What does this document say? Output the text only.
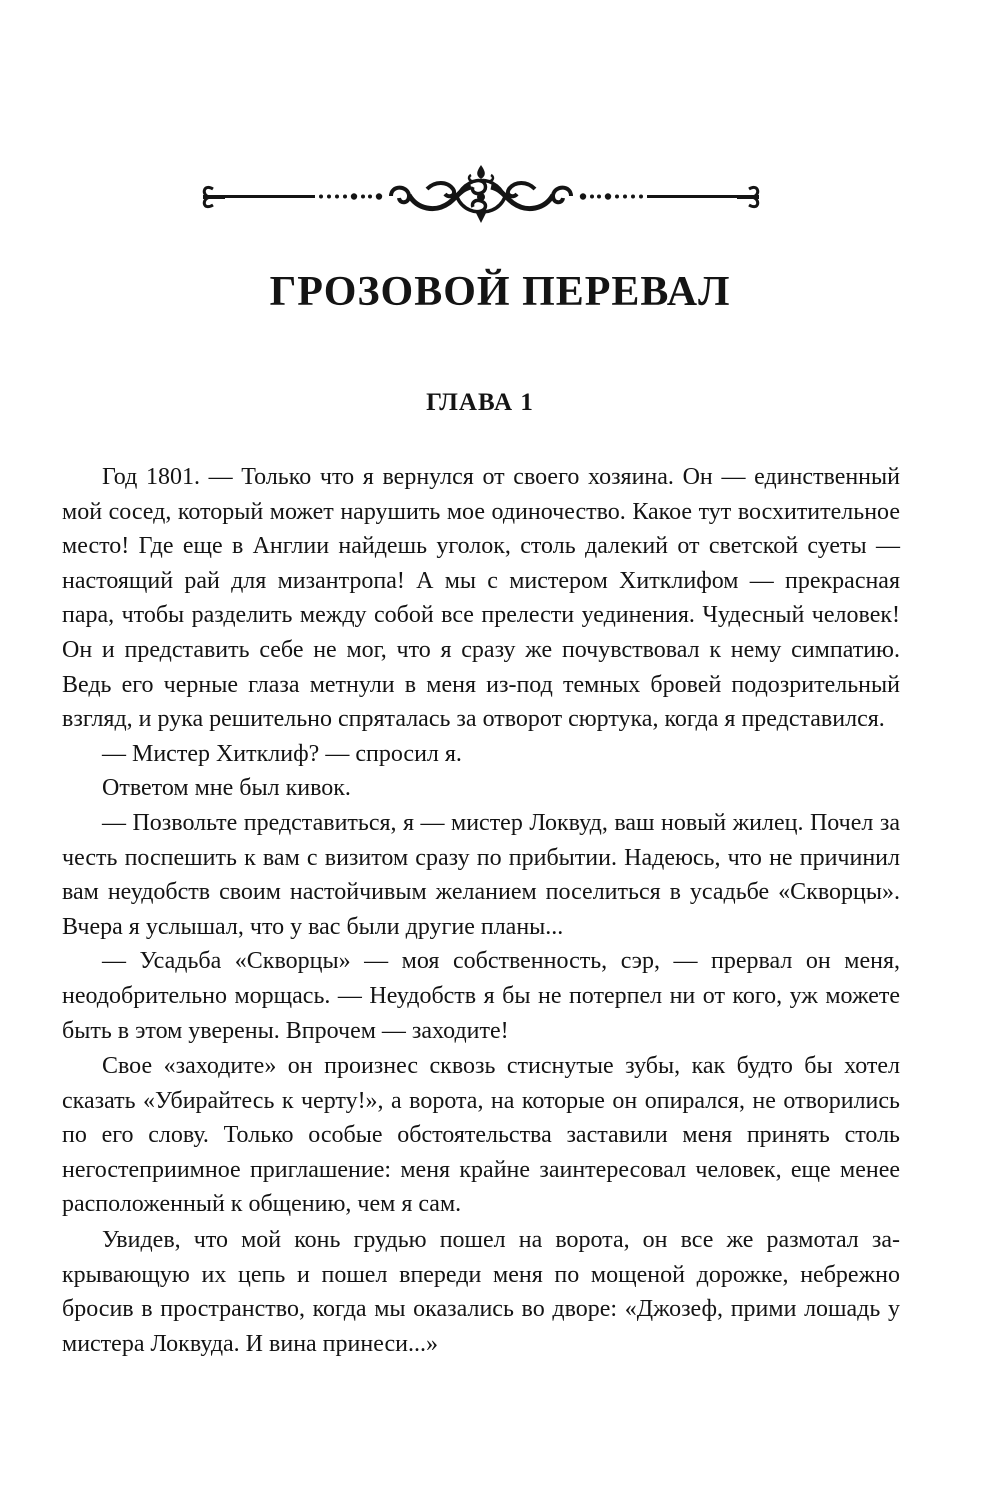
ГРОЗОВОЙ ПЕРЕВАЛ
ГЛАВА 1

Год 1801. — Только что я вернулся от своего хозяина. Он — единственный мой сосед, который может нарушить мое одиночество. Какое тут восхитительное место! Где еще в Англии найдешь уголок, столь далекий от светской суеты — настоящий рай для мизантропа! А мы с мистером Хитклифом — прекрасная пара, чтобы разделить между собой все прелести уединения. Чудесный человек! Он и представить себе не мог, что я сразу же почувствовал к нему симпатию. Ведь его черные глаза метнули в меня из-под темных бровей подозрительный взгляд, и рука решительно спряталась за отворот сюртука, когда я представился.

— Мистер Хитклиф? — спросил я.

Ответом мне был кивок.

— Позвольте представиться, я — мистер Локвуд, ваш новый жилец. Почел за честь поспешить к вам с визитом сразу по прибытии. Надеюсь, что не причинил вам неудобств своим настойчивым желанием поселиться в усадьбе «Скворцы». Вчера я услышал, что у вас были другие планы...

— Усадьба «Скворцы» — моя собственность, сэр, — прервал он меня, неодобрительно морщась. — Неудобств я бы не потерпел ни от кого, уж можете быть в этом уверены. Впрочем — заходите!

Свое «заходите» он произнес сквозь стиснутые зубы, как будто бы хотел сказать «Убирайтесь к черту!», а ворота, на которые он опирался, не отворились по его слову. Только особые обстоятельства заставили меня принять столь негостеприимное приглашение: меня крайне заинтересовал человек, еще менее расположенный к общению, чем я сам.

Увидев, что мой конь грудью пошел на ворота, он все же размотал закрывающую их цепь и пошел впереди меня по мощеной дорожке, небрежно бросив в пространство, когда мы оказались во дворе: «Джозеф, прими лошадь у мистера Локвуда. И вина принеси...»
